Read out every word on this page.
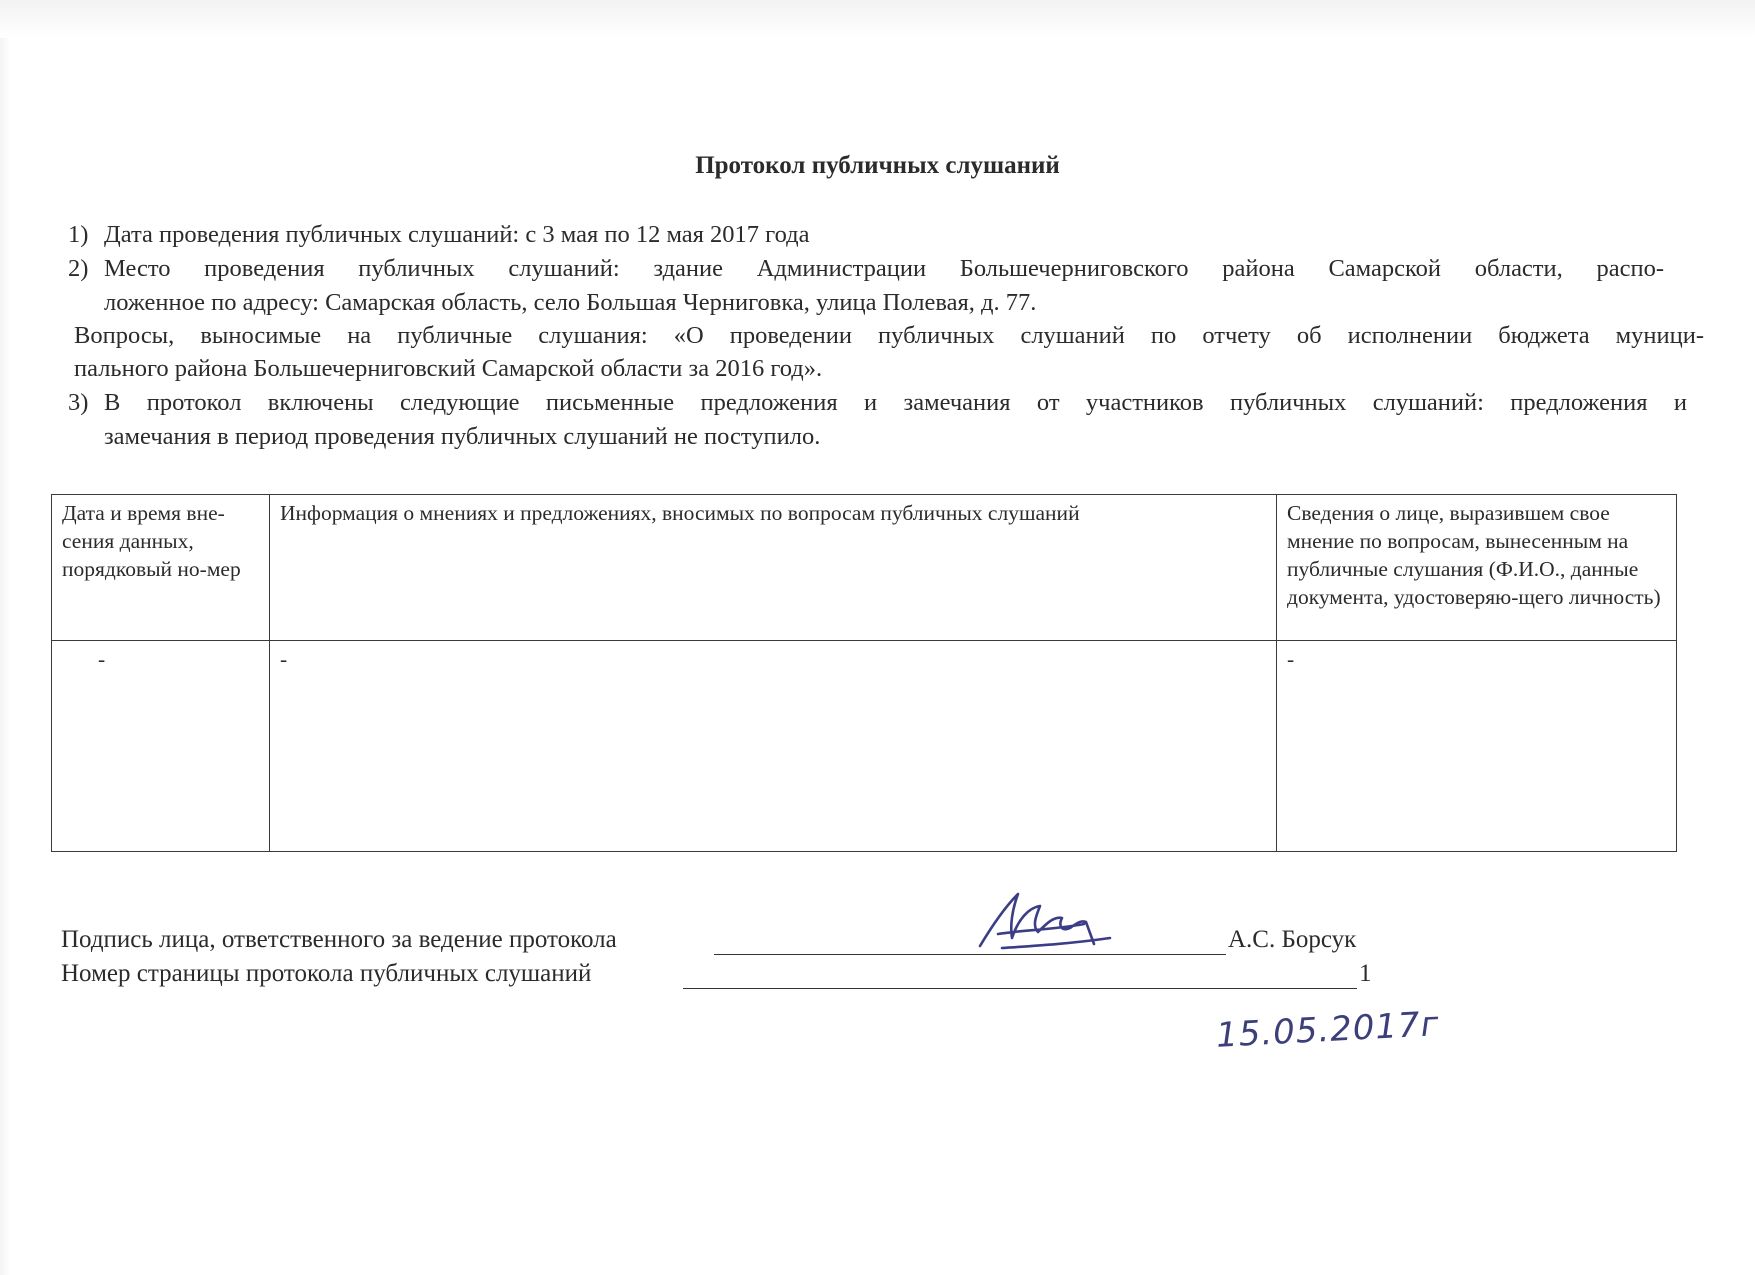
Протокол публичных слушаний
1) Дата проведения публичных слушаний: с 3 мая по 12 мая 2017 года
2) Место проведения публичных слушаний: здание Администрации Большечерниговского района Самарской области, распо-
ложенное по адресу: Самарская область, село Большая Черниговка, улица Полевая, д. 77.
Вопросы, выносимые на публичные слушания: «О проведении публичных слушаний по отчету об исполнении бюджета муници-
пального района Большечерниговский Самарской области за 2016 год».
3) В протокол включены следующие письменные предложения и замечания от участников публичных слушаний: предложения и
замечания в период проведения публичных слушаний не поступило.
Дата и время вне-сения данных, порядковый но-мер	Информация о мнениях и предложениях, вносимых по вопросам публичных слушаний	Сведения о лице, выразившем свое мнение по вопросам, вынесенным на публичные слушания (Ф.И.О., данные документа, удостоверяю-щего личность)
-	-	-
Подпись лица, ответственного за ведение протокола	А.С. Борсук
Номер страницы протокола публичных слушаний	1
15.05.2017г
